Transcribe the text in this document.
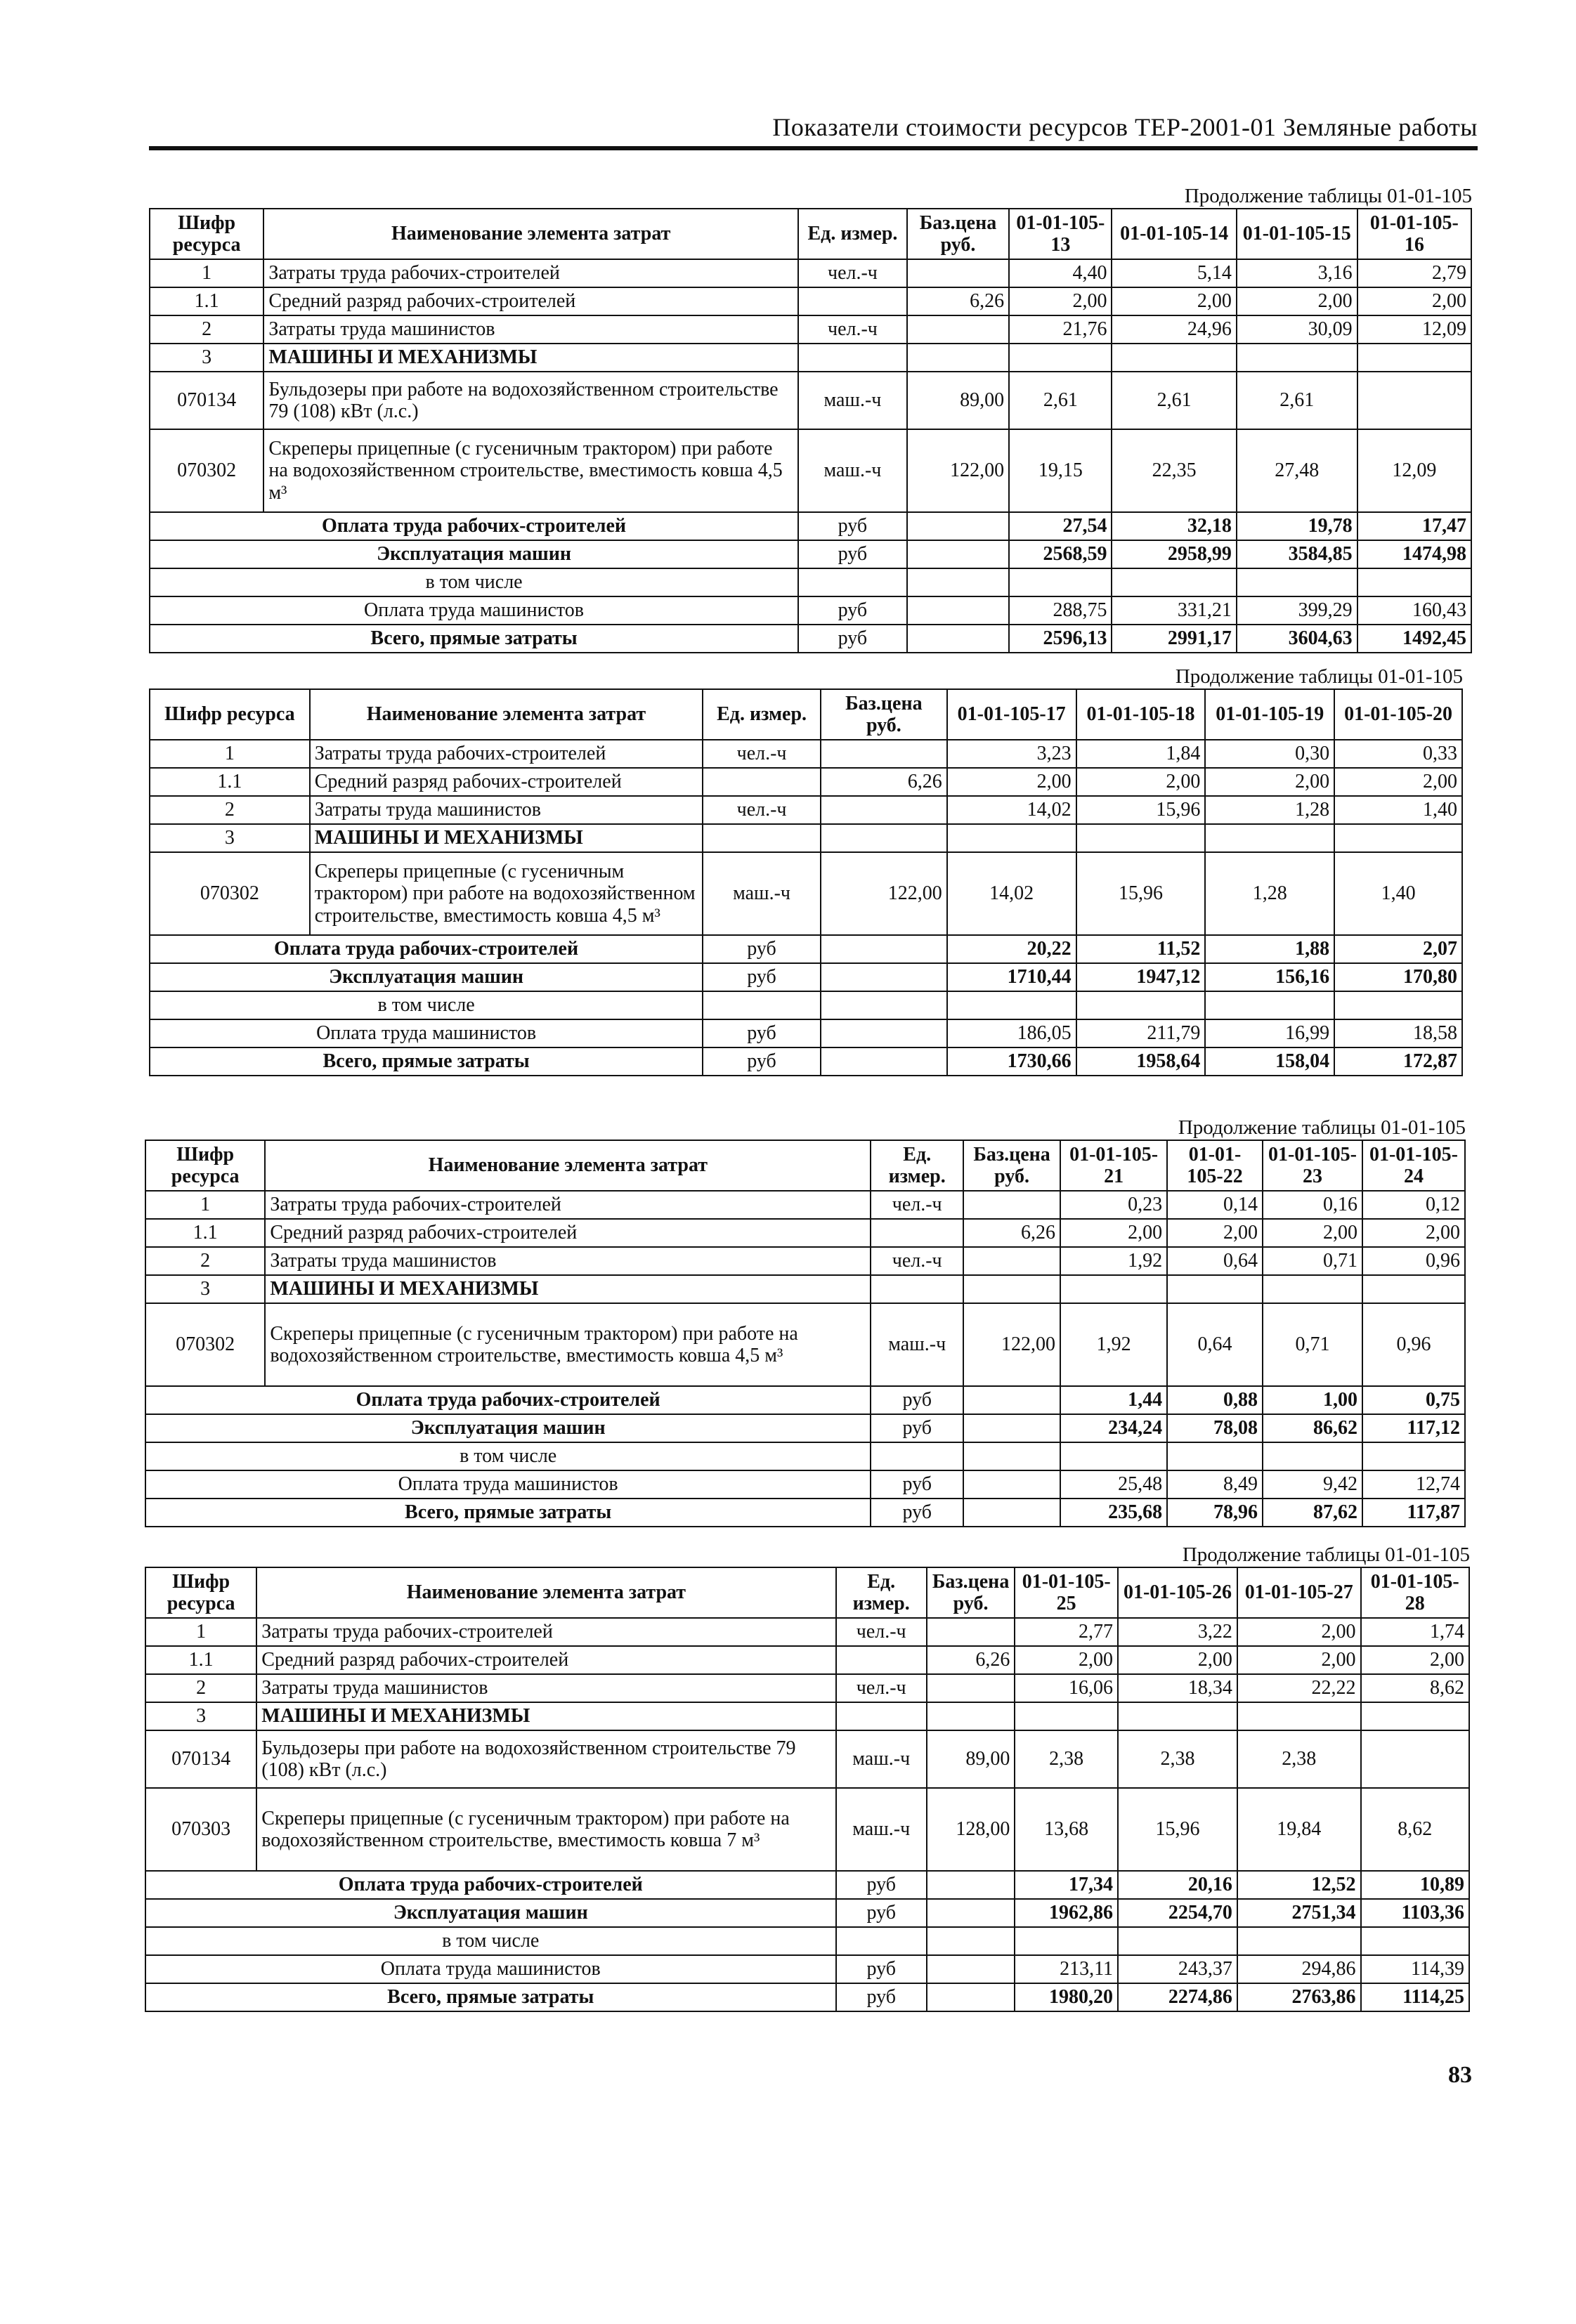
Показатели стоимости ресурсов ТЕР-2001-01 Земляные работы
Продолжение таблицы 01-01-105
Шифр ресурса	Наименование элемента затрат	Ед. измер.	Баз.цена руб.	01-01-105-13	01-01-105-14	01-01-105-15	01-01-105-16
1	Затраты труда рабочих-строителей	чел.-ч		4,40	5,14	3,16	2,79
1.1	Средний разряд рабочих-строителей		6,26	2,00	2,00	2,00	2,00
2	Затраты труда машинистов	чел.-ч		21,76	24,96	30,09	12,09
3	МАШИНЫ И МЕХАНИЗМЫ						
070134	Бульдозеры при работе на водохозяйственном строительстве 79 (108) кВт (л.с.)	маш.-ч	89,00	2,61	2,61	2,61	
070302	Скреперы прицепные (с гусеничным трактором) при работе на водохозяйственном строительстве, вместимость ковша 4,5 м³	маш.-ч	122,00	19,15	22,35	27,48	12,09
Оплата труда рабочих-строителей		руб		27,54	32,18	19,78	17,47
Эксплуатация машин		руб		2568,59	2958,99	3584,85	1474,98
в том числе							
Оплата труда машинистов		руб		288,75	331,21	399,29	160,43
Всего, прямые затраты		руб		2596,13	2991,17	3604,63	1492,45
Продолжение таблицы 01-01-105
Шифр ресурса	Наименование элемента затрат	Ед. измер.	Баз.цена руб.	01-01-105-17	01-01-105-18	01-01-105-19	01-01-105-20
1	Затраты труда рабочих-строителей	чел.-ч		3,23	1,84	0,30	0,33
1.1	Средний разряд рабочих-строителей		6,26	2,00	2,00	2,00	2,00
2	Затраты труда машинистов	чел.-ч		14,02	15,96	1,28	1,40
3	МАШИНЫ И МЕХАНИЗМЫ						
070302	Скреперы прицепные (с гусеничным трактором) при работе на водохозяйственном строительстве, вместимость ковша 4,5 м³	маш.-ч	122,00	14,02	15,96	1,28	1,40
Оплата труда рабочих-строителей		руб		20,22	11,52	1,88	2,07
Эксплуатация машин		руб		1710,44	1947,12	156,16	170,80
в том числе							
Оплата труда машинистов		руб		186,05	211,79	16,99	18,58
Всего, прямые затраты		руб		1730,66	1958,64	158,04	172,87
Продолжение таблицы 01-01-105
Шифр ресурса	Наименование элемента затрат	Ед. измер.	Баз.цена руб.	01-01-105-21	01-01-105-22	01-01-105-23	01-01-105-24
1	Затраты труда рабочих-строителей	чел.-ч		0,23	0,14	0,16	0,12
1.1	Средний разряд рабочих-строителей		6,26	2,00	2,00	2,00	2,00
2	Затраты труда машинистов	чел.-ч		1,92	0,64	0,71	0,96
3	МАШИНЫ И МЕХАНИЗМЫ						
070302	Скреперы прицепные (с гусеничным трактором) при работе на водохозяйственном строительстве, вместимость ковша 4,5 м³	маш.-ч	122,00	1,92	0,64	0,71	0,96
Оплата труда рабочих-строителей		руб		1,44	0,88	1,00	0,75
Эксплуатация машин		руб		234,24	78,08	86,62	117,12
в том числе							
Оплата труда машинистов		руб		25,48	8,49	9,42	12,74
Всего, прямые затраты		руб		235,68	78,96	87,62	117,87
Продолжение таблицы 01-01-105
Шифр ресурса	Наименование элемента затрат	Ед. измер.	Баз.цена руб.	01-01-105-25	01-01-105-26	01-01-105-27	01-01-105-28
1	Затраты труда рабочих-строителей	чел.-ч		2,77	3,22	2,00	1,74
1.1	Средний разряд рабочих-строителей		6,26	2,00	2,00	2,00	2,00
2	Затраты труда машинистов	чел.-ч		16,06	18,34	22,22	8,62
3	МАШИНЫ И МЕХАНИЗМЫ						
070134	Бульдозеры при работе на водохозяйственном строительстве 79 (108) кВт (л.с.)	маш.-ч	89,00	2,38	2,38	2,38	
070303	Скреперы прицепные (с гусеничным трактором) при работе на водохозяйственном строительстве, вместимость ковша 7 м³	маш.-ч	128,00	13,68	15,96	19,84	8,62
Оплата труда рабочих-строителей		руб		17,34	20,16	12,52	10,89
Эксплуатация машин		руб		1962,86	2254,70	2751,34	1103,36
в том числе							
Оплата труда машинистов		руб		213,11	243,37	294,86	114,39
Всего, прямые затраты		руб		1980,20	2274,86	2763,86	1114,25
83
